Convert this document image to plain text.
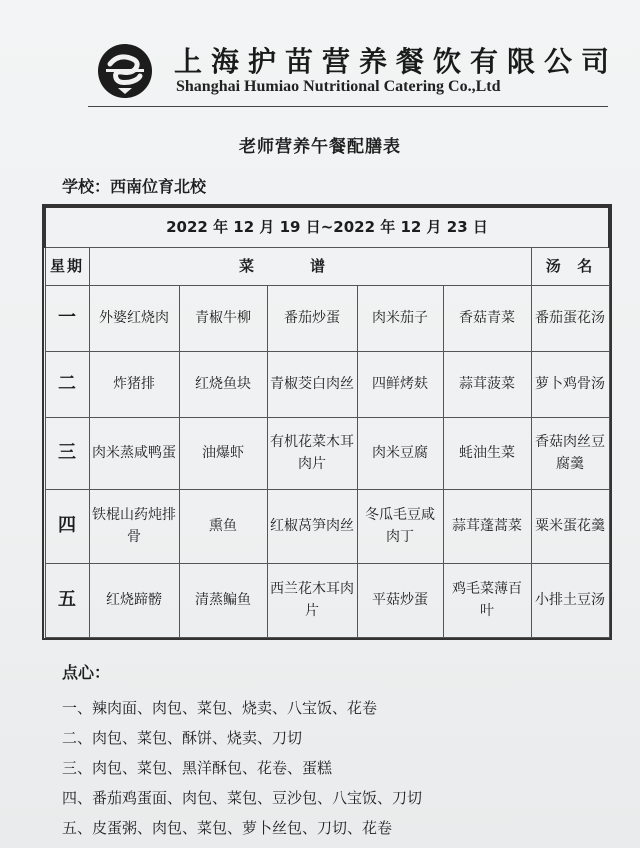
上海护苗营养餐饮有限公司
Shanghai Humiao Nutritional Catering Co.,Ltd
老师营养午餐配膳表
学校：西南位育北校
2022 年 12 月 19 日~2022 年 12 月 23 日						
星期	菜谱					汤  名
一	外婆红烧肉	青椒牛柳	番茄炒蛋	肉米茄子	香菇青菜	番茄蛋花汤
二	炸猪排	红烧鱼块	青椒茭白肉丝	四鲜烤麸	蒜茸菠菜	萝卜鸡骨汤
三	肉米蒸咸鸭蛋	油爆虾	有机花菜木耳肉片	肉米豆腐	蚝油生菜	香菇肉丝豆腐羹
四	铁棍山药炖排骨	熏鱼	红椒莴笋肉丝	冬瓜毛豆咸肉丁	蒜茸蓬蒿菜	粟米蛋花羹
五	红烧蹄髈	清蒸鳊鱼	西兰花木耳肉片	平菇炒蛋	鸡毛菜薄百叶	小排土豆汤
点心：
一、辣肉面、肉包、菜包、烧卖、八宝饭、花卷
二、肉包、菜包、酥饼、烧卖、刀切
三、肉包、菜包、黑洋酥包、花卷、蛋糕
四、番茄鸡蛋面、肉包、菜包、豆沙包、八宝饭、刀切
五、皮蛋粥、肉包、菜包、萝卜丝包、刀切、花卷
